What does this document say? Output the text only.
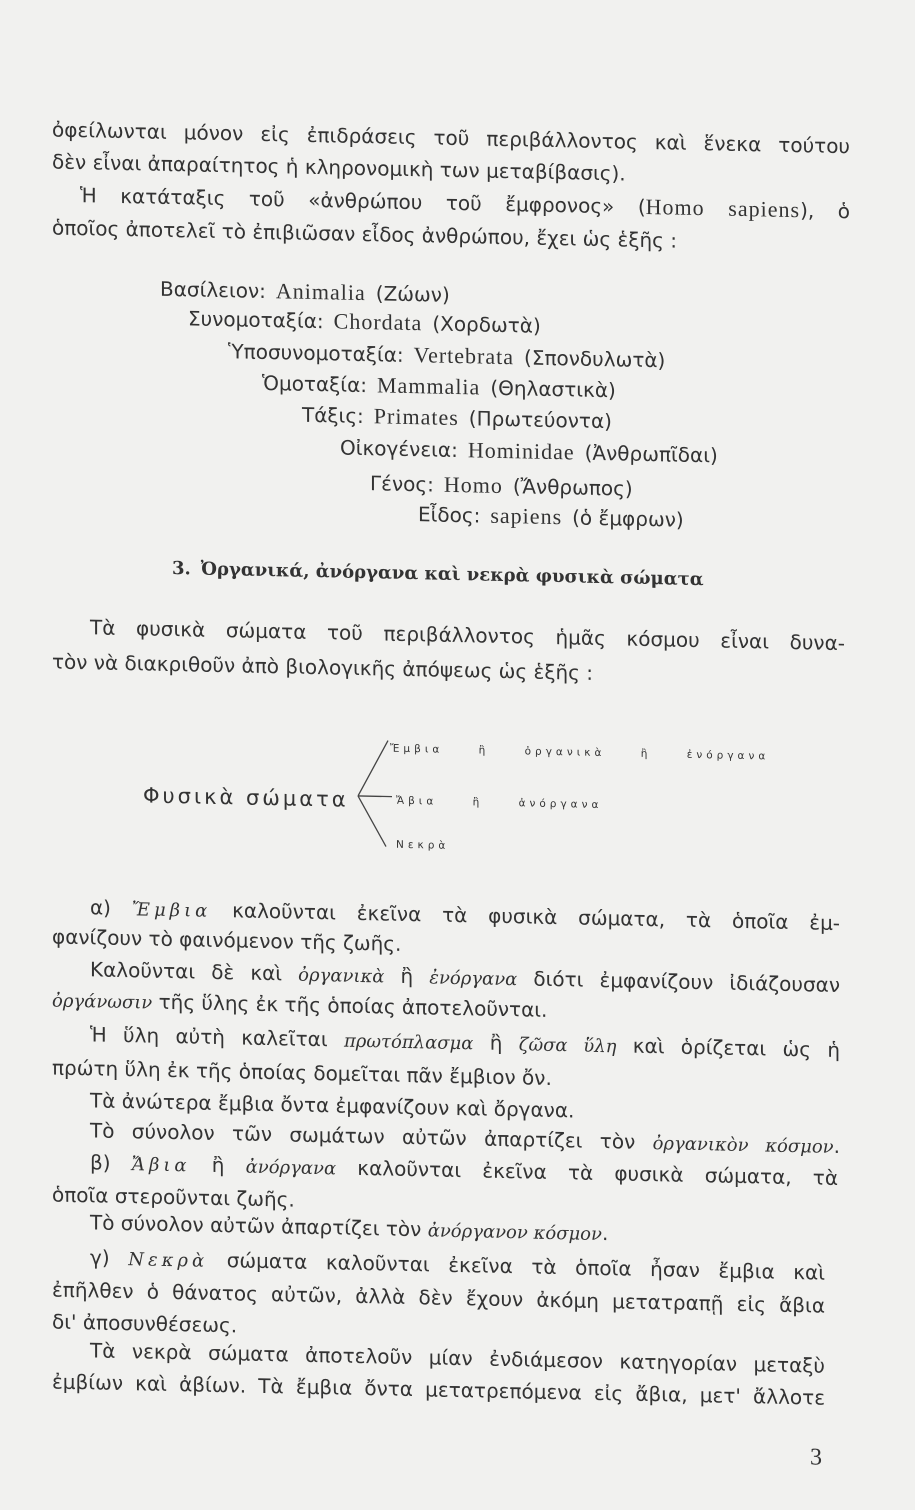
ὀφείλωνται μόνον εἰς ἐπιδράσεις τοῦ περιβάλλοντος καὶ ἕνεκα τούτου
δὲν εἶναι ἀπαραίτητος ἡ κληρονομικὴ των μεταβίβασις).
Ἡ κατάταξις τοῦ «ἀνθρώπου τοῦ ἔμφρονος» (Homo sapiens), ὁ
ὁποῖος ἀποτελεῖ τὸ ἐπιβιῶσαν εἶδος ἀνθρώπου, ἔχει ὡς ἑξῆς :
Βασίλειον: Animalia (Ζώων)
Συνομοταξία: Chordata (Χορδωτὰ)
Ὑποσυνομοταξία: Vertebrata (Σπονδυλωτὰ)
Ὁμοταξία: Mammalia (Θηλαστικὰ)
Τάξις: Primates (Πρωτεύοντα)
Οἰκογένεια: Hominidae (Ἀνθρωπῖδαι)
Γένος: Homo (Ἄνθρωπος)
Εἶδος: sapiens (ὁ ἔμφρων)
3. Ὀργανικά, ἀνόργανα καὶ νεκρὰ φυσικὰ σώματα
Τὰ φυσικὰ σώματα τοῦ περιβάλλοντος ἡμᾶς κόσμου εἶναι δυνα-
τὸν νὰ διακριθοῦν ἀπὸ βιολογικῆς ἀπόψεως ὡς ἑξῆς :
Φυσικὰ σώματα
Ἔμβια ἢ ὀργανικὰ ἢ ἐνόργανα
Ἄβια ἢ ἀνόργανα
Νεκρὰ
α) Ἔμβια καλοῦνται ἐκεῖνα τὰ φυσικὰ σώματα, τὰ ὁποῖα ἐμ-
φανίζουν τὸ φαινόμενον τῆς ζωῆς.
Καλοῦνται δὲ καὶ ὀργανικὰ ἢ ἐνόργανα διότι ἐμφανίζουν ἰδιάζουσαν
ὀργάνωσιν τῆς ὕλης ἐκ τῆς ὁποίας ἀποτελοῦνται.
Ἡ ὕλη αὐτὴ καλεῖται πρωτόπλασμα ἢ ζῶσα ὕλη καὶ ὁρίζεται ὡς ἡ
πρώτη ὕλη ἐκ τῆς ὁποίας δομεῖται πᾶν ἔμβιον ὄν.
Τὰ ἀνώτερα ἔμβια ὄντα ἐμφανίζουν καὶ ὄργανα.
Τὸ σύνολον τῶν σωμάτων αὐτῶν ἀπαρτίζει τὸν ὀργανικὸν κόσμον.
β) Ἄβια ἢ ἀνόργανα καλοῦνται ἐκεῖνα τὰ φυσικὰ σώματα, τὰ
ὁποῖα στεροῦνται ζωῆς.
Τὸ σύνολον αὐτῶν ἀπαρτίζει τὸν ἀνόργανον κόσμον.
γ) Νεκρὰ σώματα καλοῦνται ἐκεῖνα τὰ ὁποῖα ἦσαν ἔμβια καὶ
ἐπῆλθεν ὁ θάνατος αὐτῶν, ἀλλὰ δὲν ἔχουν ἀκόμη μετατραπῇ εἰς ἄβια
δι' ἀποσυνθέσεως.
Τὰ νεκρὰ σώματα ἀποτελοῦν μίαν ἐνδιάμεσον κατηγορίαν μεταξὺ
ἐμβίων καὶ ἀβίων. Τὰ ἔμβια ὄντα μετατρεπόμενα εἰς ἄβια, μετ' ἄλλοτε
3
